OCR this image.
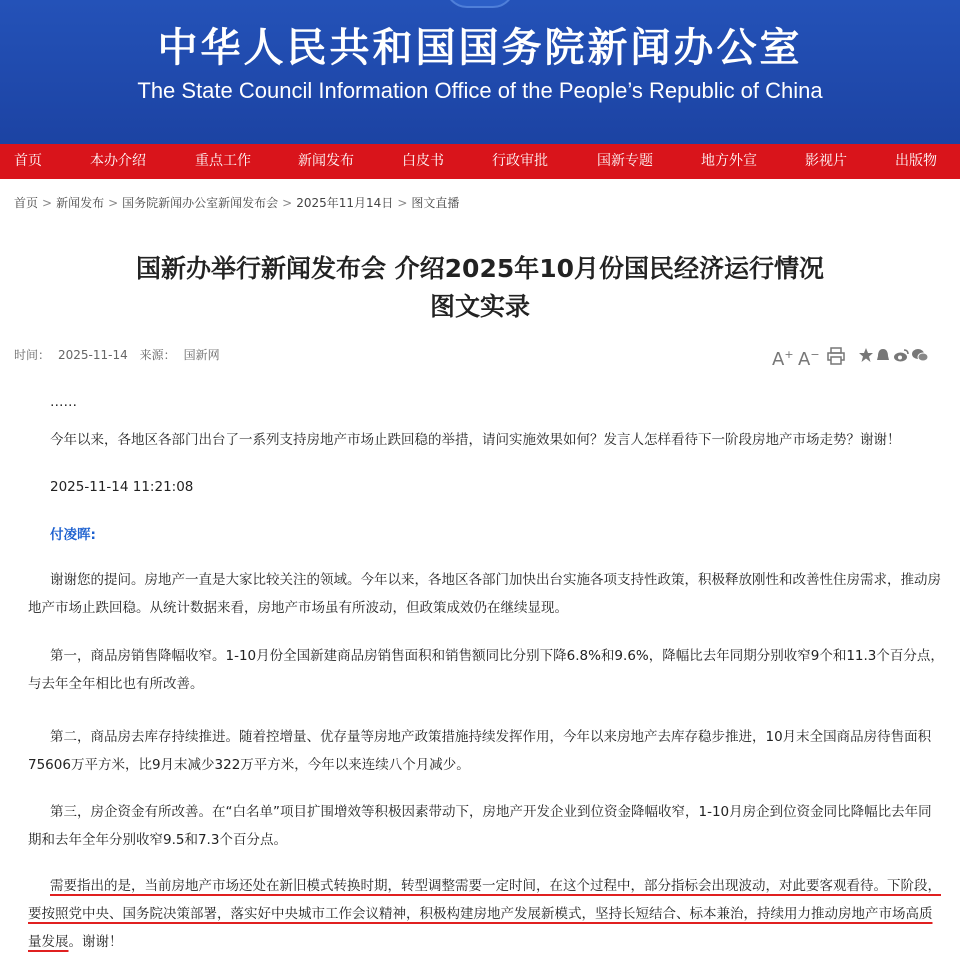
中华人民共和国国务院新闻办公室
The State Council Information Office of the People’s Republic of China
首页	本办介绍	重点工作	新闻发布	白皮书	行政审批	国新专题	地方外宣	影视片	出版物
首页 > 新闻发布 > 国务院新闻办公室新闻发布会 > 2025年11月14日 > 图文直播
国新办举行新闻发布会 介绍2025年10月份国民经济运行情况
图文实录
时间： 2025-11-14 来源： 国新网	A+ A−
……
今年以来，各地区各部门出台了一系列支持房地产市场止跌回稳的举措，请问实施效果如何？发言人怎样看待下一阶段房地产市场走势？谢谢！
2025-11-14 11:21:08
付凌晖:
谢谢您的提问。房地产一直是大家比较关注的领域。今年以来，各地区各部门加快出台实施各项支持性政策，积极释放刚性和改善性住房需求，推动房地产市场止跌回稳。从统计数据来看，房地产市场虽有所波动，但政策成效仍在继续显现。
第一，商品房销售降幅收窄。1-10月份全国新建商品房销售面积和销售额同比分别下降6.8%和9.6%，降幅比去年同期分别收窄9个和11.3个百分点，与去年全年相比也有所改善。
第二，商品房去库存持续推进。随着控增量、优存量等房地产政策措施持续发挥作用，今年以来房地产去库存稳步推进，10月末全国商品房待售面积75606万平方米，比9月末减少322万平方米，今年以来连续八个月减少。
第三，房企资金有所改善。在“白名单”项目扩围增效等积极因素带动下，房地产开发企业到位资金降幅收窄，1-10月房企到位资金同比降幅比去年同期和去年全年分别收窄9.5和7.3个百分点。
需要指出的是，当前房地产市场还处在新旧模式转换时期，转型调整需要一定时间，在这个过程中，部分指标会出现波动，对此要客观看待。下阶段，要按照党中央、国务院决策部署，落实好中央城市工作会议精神，积极构建房地产发展新模式，坚持长短结合、标本兼治，持续用力推动房地产市场高质量发展。谢谢！
